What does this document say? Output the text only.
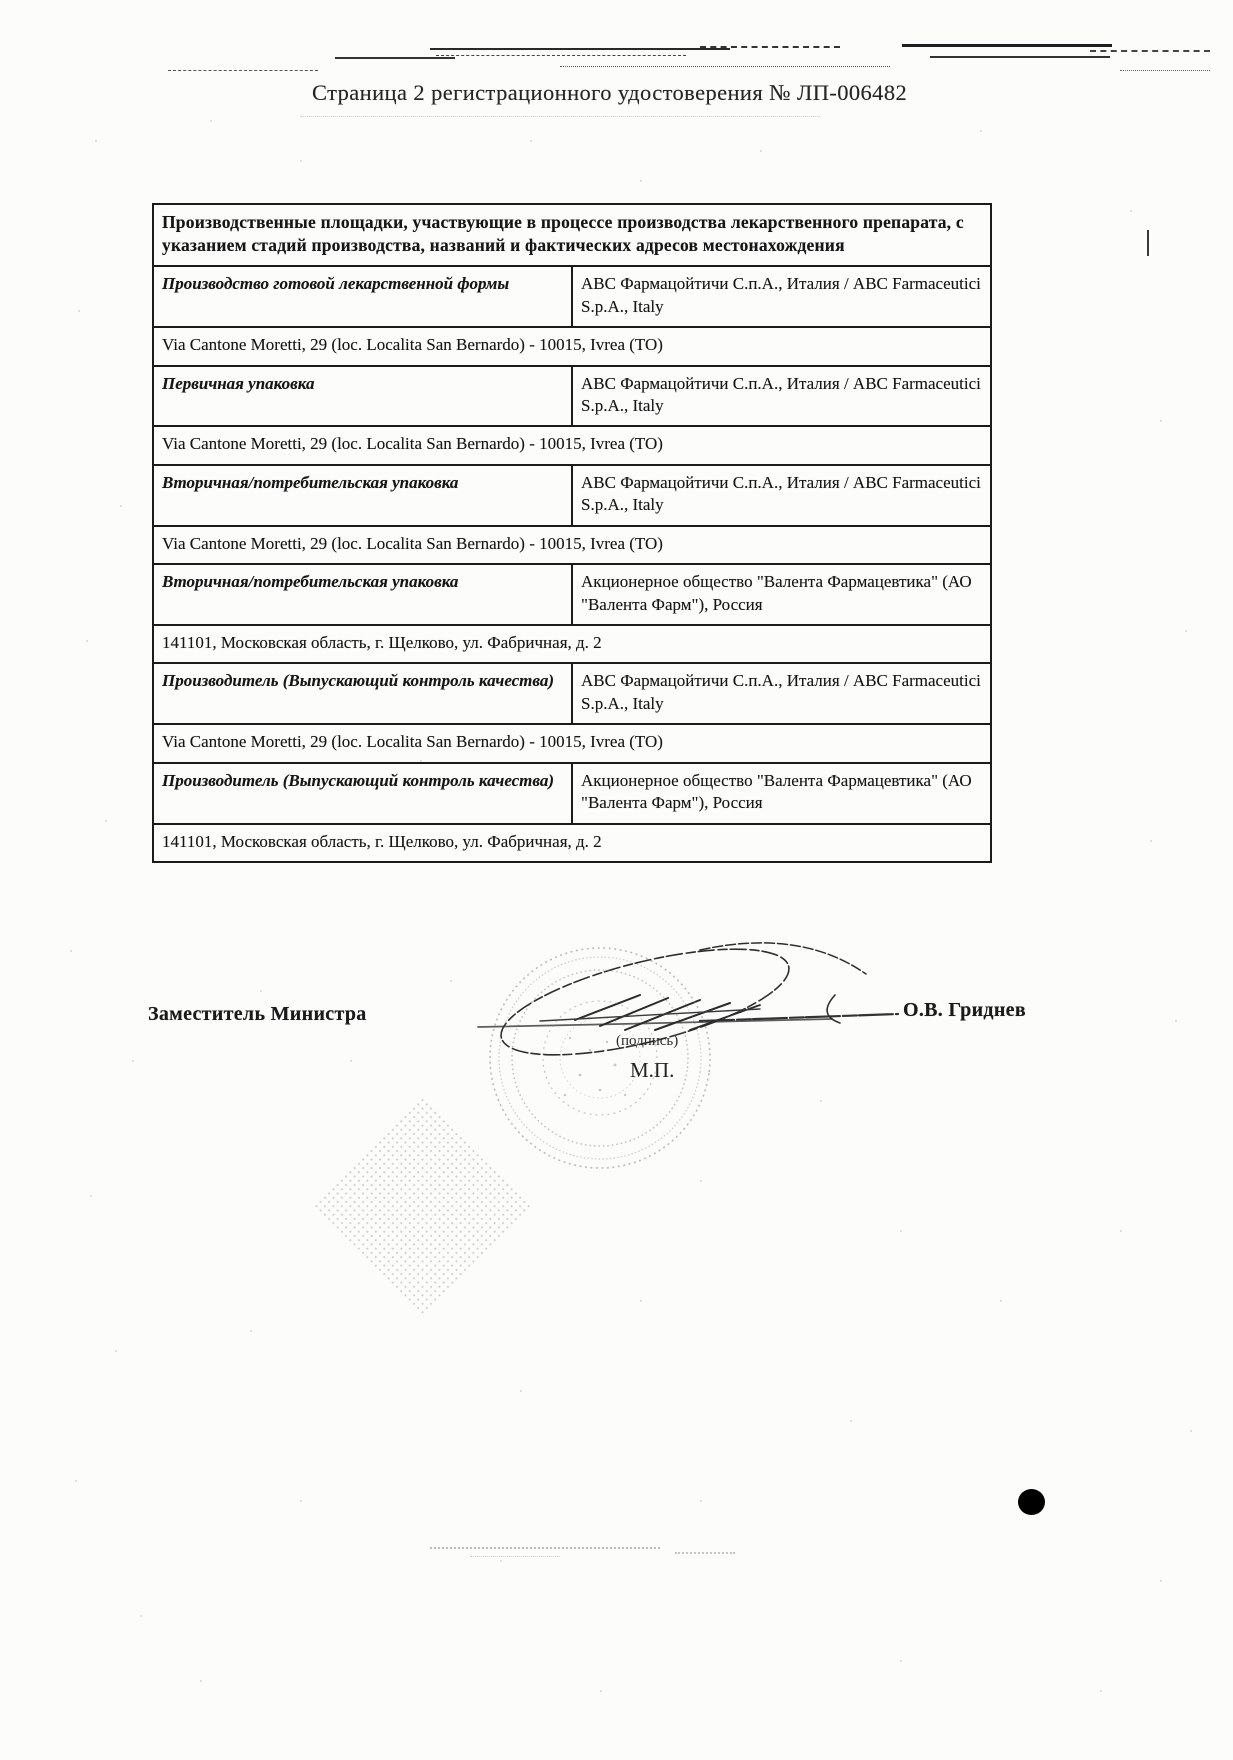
Страница 2 регистрационного удостоверения № ЛП-006482
Производственные площадки, участвующие в процессе производства лекарственного препарата, с указанием стадий производства, названий и фактических адресов местонахождения	
Производство готовой лекарственной формы	АВС Фармацойтичи С.п.А., Италия / ABC Farmaceutici S.p.A., Italy
Via Cantone Moretti, 29 (loc. Localita San Bernardo) - 10015, Ivrea (TO)	
Первичная упаковка	АВС Фармацойтичи С.п.А., Италия / ABC Farmaceutici S.p.A., Italy
Via Cantone Moretti, 29 (loc. Localita San Bernardo) - 10015, Ivrea (TO)	
Вторичная/потребительская упаковка	АВС Фармацойтичи С.п.А., Италия / ABC Farmaceutici S.p.A., Italy
Via Cantone Moretti, 29 (loc. Localita San Bernardo) - 10015, Ivrea (TO)	
Вторичная/потребительская упаковка	Акционерное общество "Валента Фармацевтика" (АО "Валента Фарм"), Россия
141101, Московская область, г. Щелково, ул. Фабричная, д. 2	
Производитель (Выпускающий контроль качества)	АВС Фармацойтичи С.п.А., Италия / ABC Farmaceutici S.p.A., Italy
Via Cantone Moretti, 29 (loc. Localita San Bernardo) - 10015, Ivrea (TO)	
Производитель (Выпускающий контроль качества)	Акционерное общество "Валента Фармацевтика" (АО "Валента Фарм"), Россия
141101, Московская область, г. Щелково, ул. Фабричная, д. 2	
Заместитель Министра	О.В. Гриднев
(подпись)
М.П.
